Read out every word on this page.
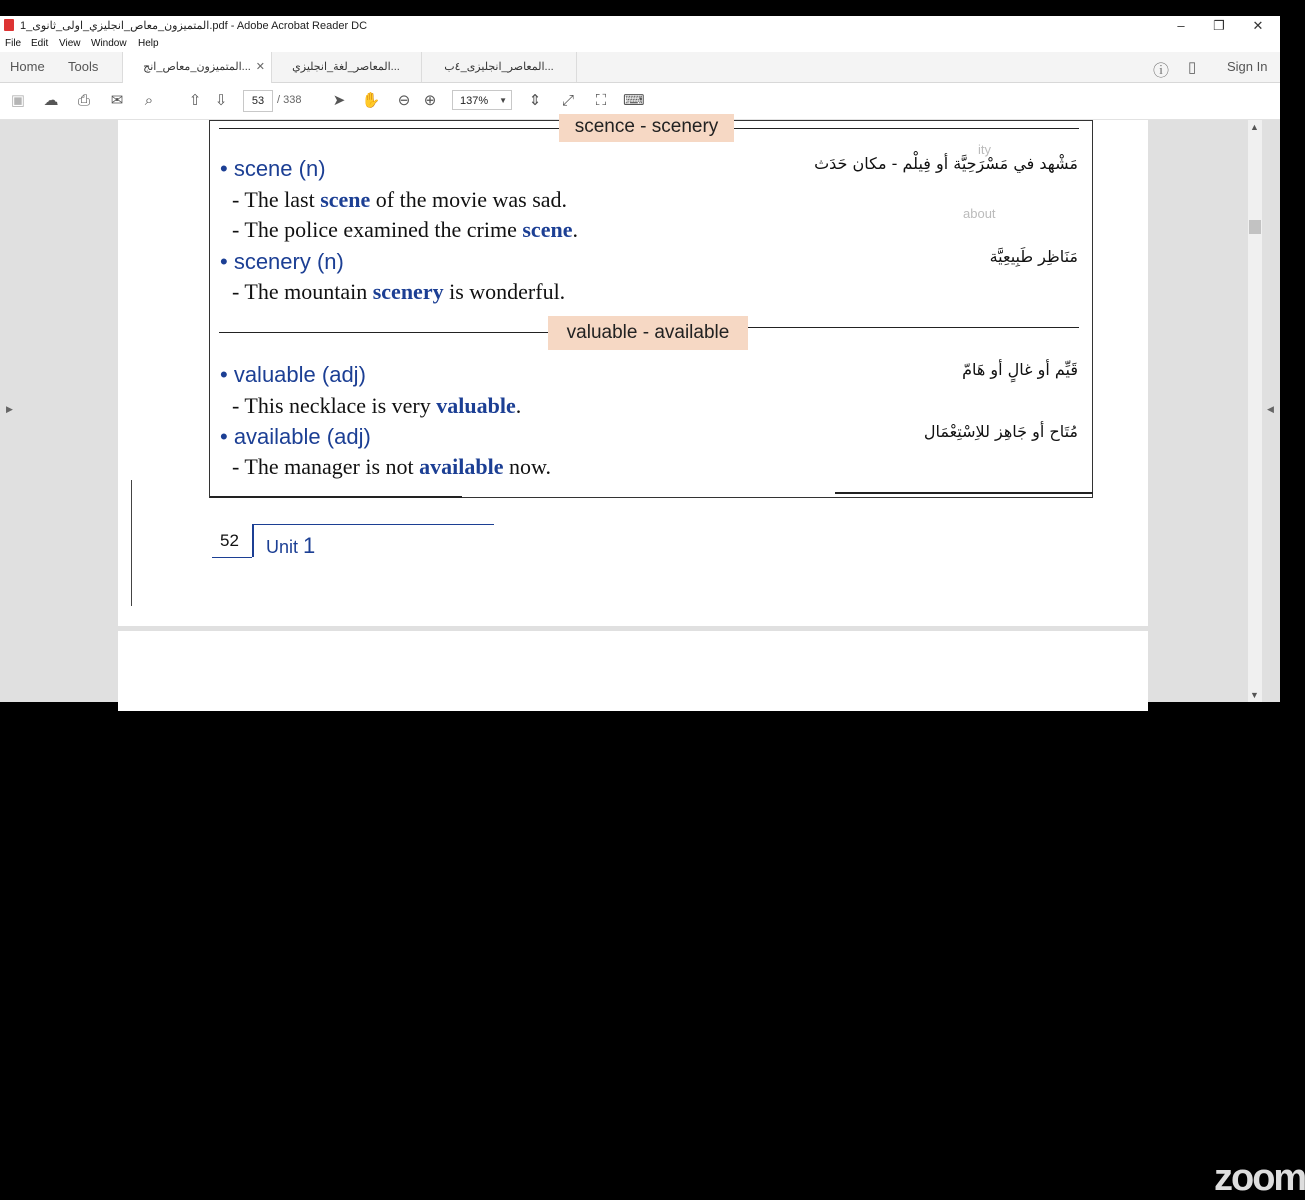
المتميزون_معاص_انجليزي_اولى_ثانوى_1.pdf - Adobe Acrobat Reader DC	–	❐	✕
File Edit View Window Help
Home Tools	المتميزون_معاص_انج... ✕	المعاصر_لغة_انجليزي...	المعاصر_انجليزى_٤ب...	ⓘ ▯ Sign In
▣ ☁ ⎙ ✉	⌕	⇧ ⇩	53	/ 338 ➤ ✋ ⊖ ⊕	137% ▼ ⇕ ⤢	⛶	⌨
▶	◀
ity
about
scence - scenery
• scene (n)	مَشْهد في مَسْرَحِيَّة أو فِيلْم - مكان حَدَث
- The last scene of the movie was sad.
- The police examined the crime scene.
• scenery (n)	مَنَاظِر طَبِيعِيَّة
- The mountain scenery is wonderful.
valuable - available
• valuable (adj)	قَيِّم أو غالٍ أو هَامّ
- This necklace is very valuable.
• available (adj)	مُتَاح أو جَاهِز للاِسْتِعْمَال
- The manager is not available now.
52 Unit 1
zoom
▲
▼
